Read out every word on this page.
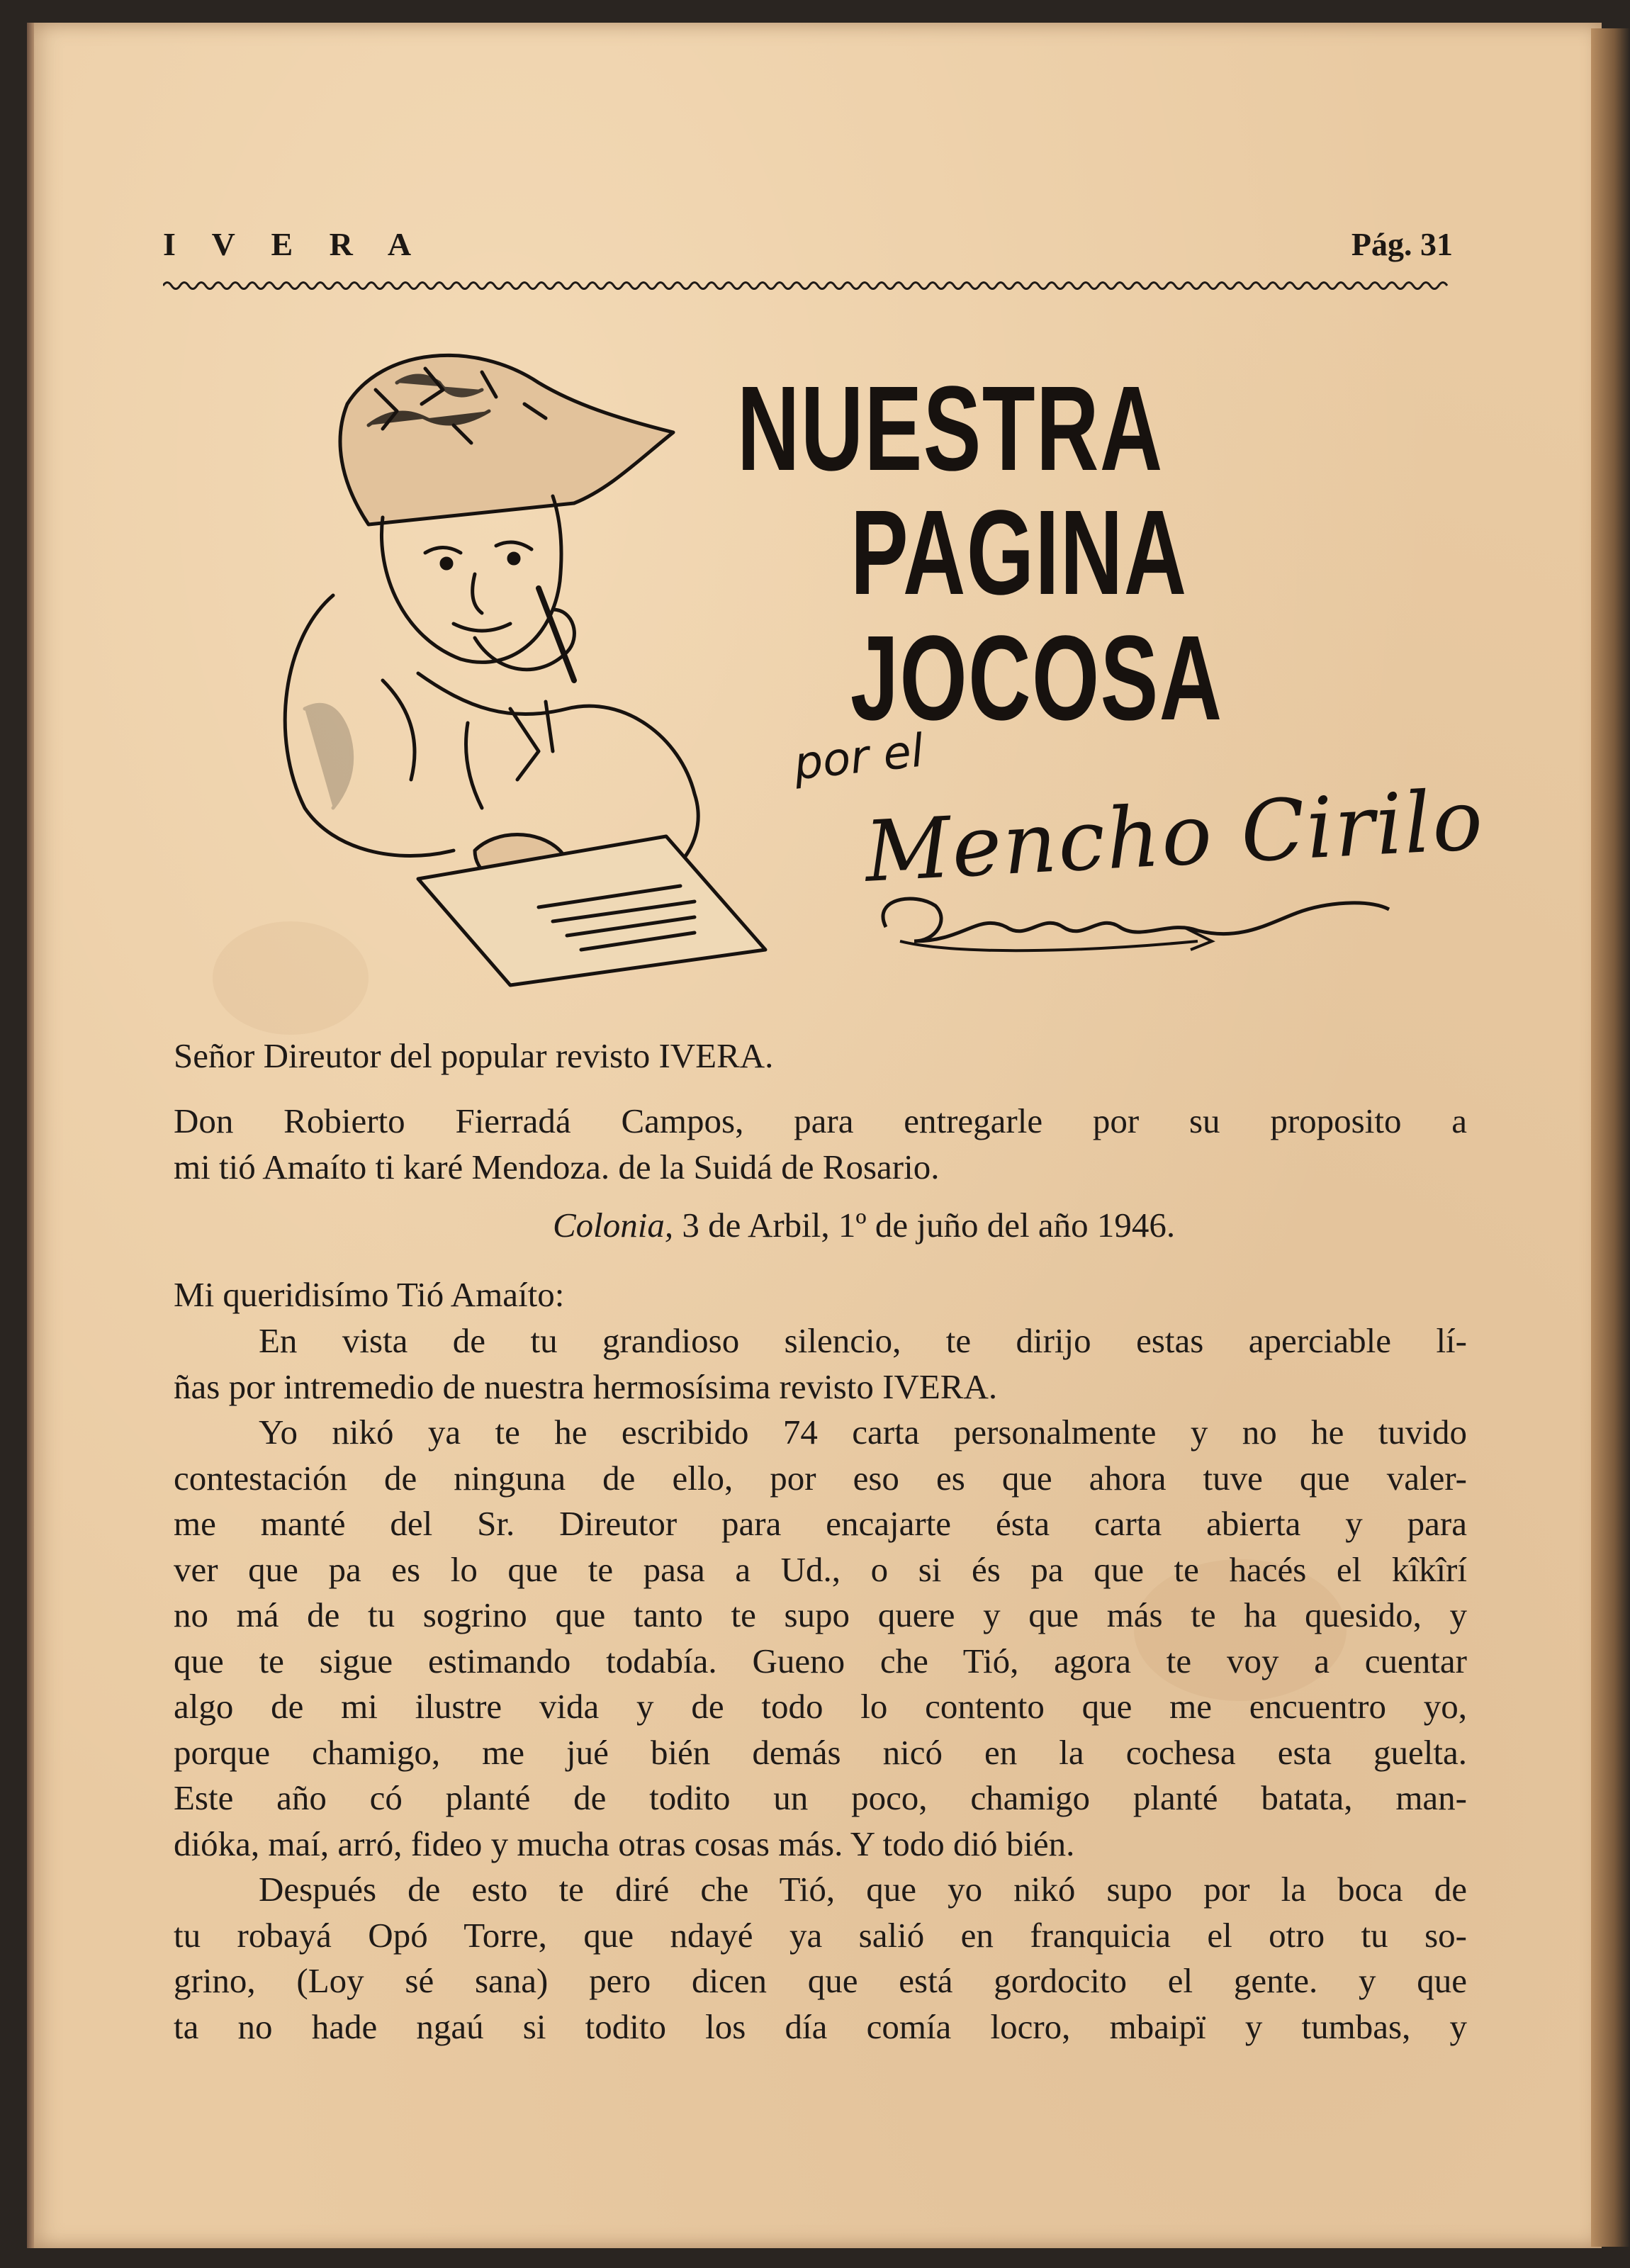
I V E R A	Pág. 31
NUESTRA
PAGINA
JOCOSA
por el
Mencho Cirilo
Señor Direutor del popular revisto IVERA.
Don Robierto Fierradá Campos, para entregarle por su proposito a
mi tió Amaíto ti karé Mendoza. de la Suidá de Rosario.
Colonia, 3 de Arbil, 1º de juño del año 1946.
Mi queridisímo Tió Amaíto:
En vista de tu grandioso silencio, te dirijo estas aperciable lí-
ñas por intremedio de nuestra hermosísima revisto IVERA.
Yo nikó ya te he escribido 74 carta personalmente y no he tuvido
contestación de ninguna de ello, por eso es que ahora tuve que valer-
me manté del Sr. Direutor para encajarte ésta carta abierta y para
ver que pa es lo que te pasa a Ud., o si és pa que te hacés el kîkîrí
no má de tu sogrino que tanto te supo quere y que más te ha quesido, y
que te sigue estimando todabía. Gueno che Tió, agora te voy a cuentar
algo de mi ilustre vida y de todo lo contento que me encuentro yo,
porque chamigo, me jué bién demás nicó en la cochesa esta guelta.
Este año có planté de todito un poco, chamigo planté batata, man-
dióka, maí, arró, fideo y mucha otras cosas más. Y todo dió bién.
Después de esto te diré che Tió, que yo nikó supo por la boca de
tu robayá Opó Torre, que ndayé ya salió en franquicia el otro tu so-
grino, (Loy sé sana) pero dicen que está gordocito el gente. y que
ta no hade ngaú si todito los día comía locro, mbaipï y tumbas, y
